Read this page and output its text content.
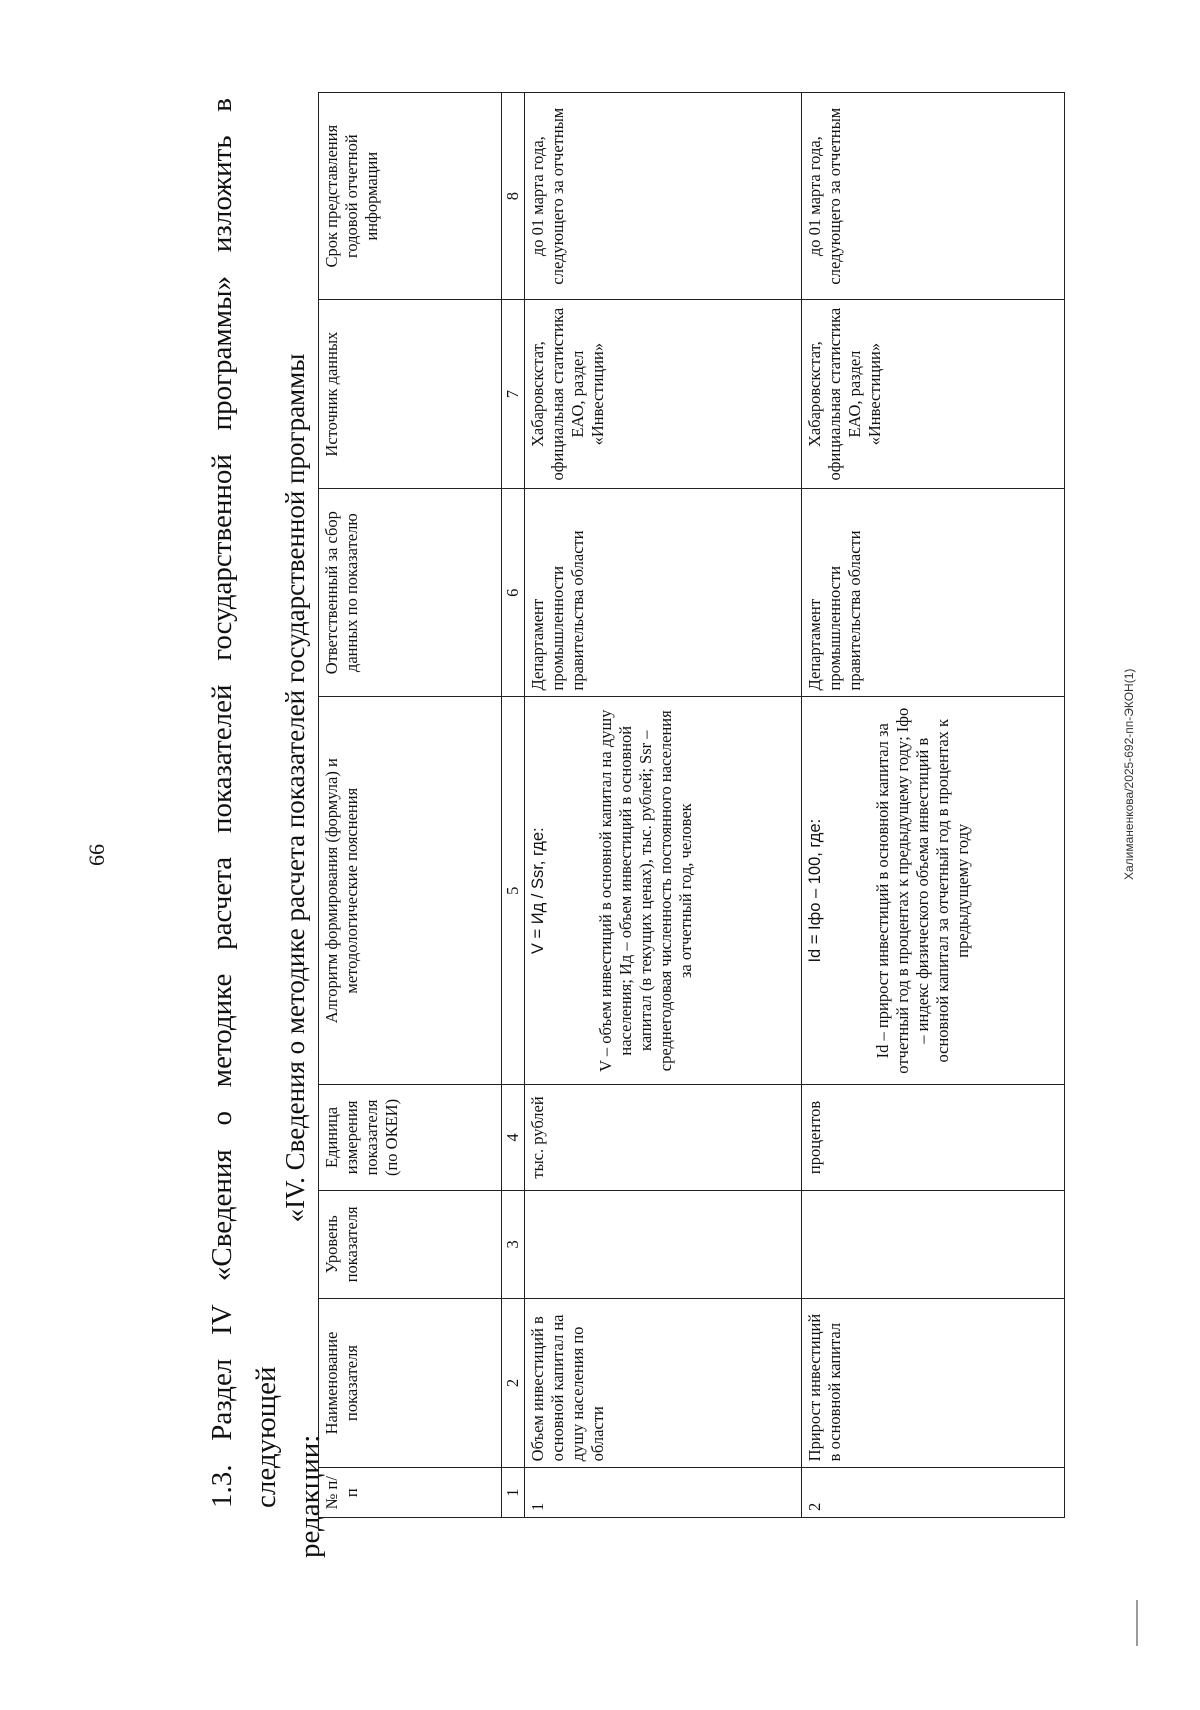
66	1.3. Раздел IV «Сведения о методике расчета показателей государственной программы» изложить в следующей редакции:
«IV. Сведения о методике расчета показателей государственной программы
№ п/п	Наименование показателя	Уровень показателя	Единица измерения показателя (по ОКЕИ)	Алгоритм формирования (формула) и методологические пояснения	Ответственный за сбор данных по показателю	Источник данных	Срок представления годовой отчетной информации
1	2	3	4	5	6	7	8
1	Объем инвестиций в основной капитал на душу населения по области		тыс. рублей	V = Ид / Ssr, где: V – объем инвестиций в основной капитал на душу населения; Ид – объем инвестиций в основной капитал (в текущих ценах), тыс. рублей; Ssr – среднегодовая численность постоянного населения за отчетный год, человек	Департамент промышленности правительства области	Хабаровскстат, официальная статистика ЕАО, раздел «Инвестиции»	до 01 марта года, следующего за отчетным
2	Прирост инвестиций в основной капитал		процентов	Id = Iфо – 100, где: Id – прирост инвестиций в основной капитал за отчетный год в процентах к предыдущему году; Iфо – индекс физического объема инвестиций в основной капитал за отчетный год в процентах к предыдущему году	Департамент промышленности правительства области	Хабаровскстат, официальная статистика ЕАО, раздел «Инвестиции»	до 01 марта года, следующего за отчетным
Халиманенкова/2025-692-пп-ЭКОН(1)
